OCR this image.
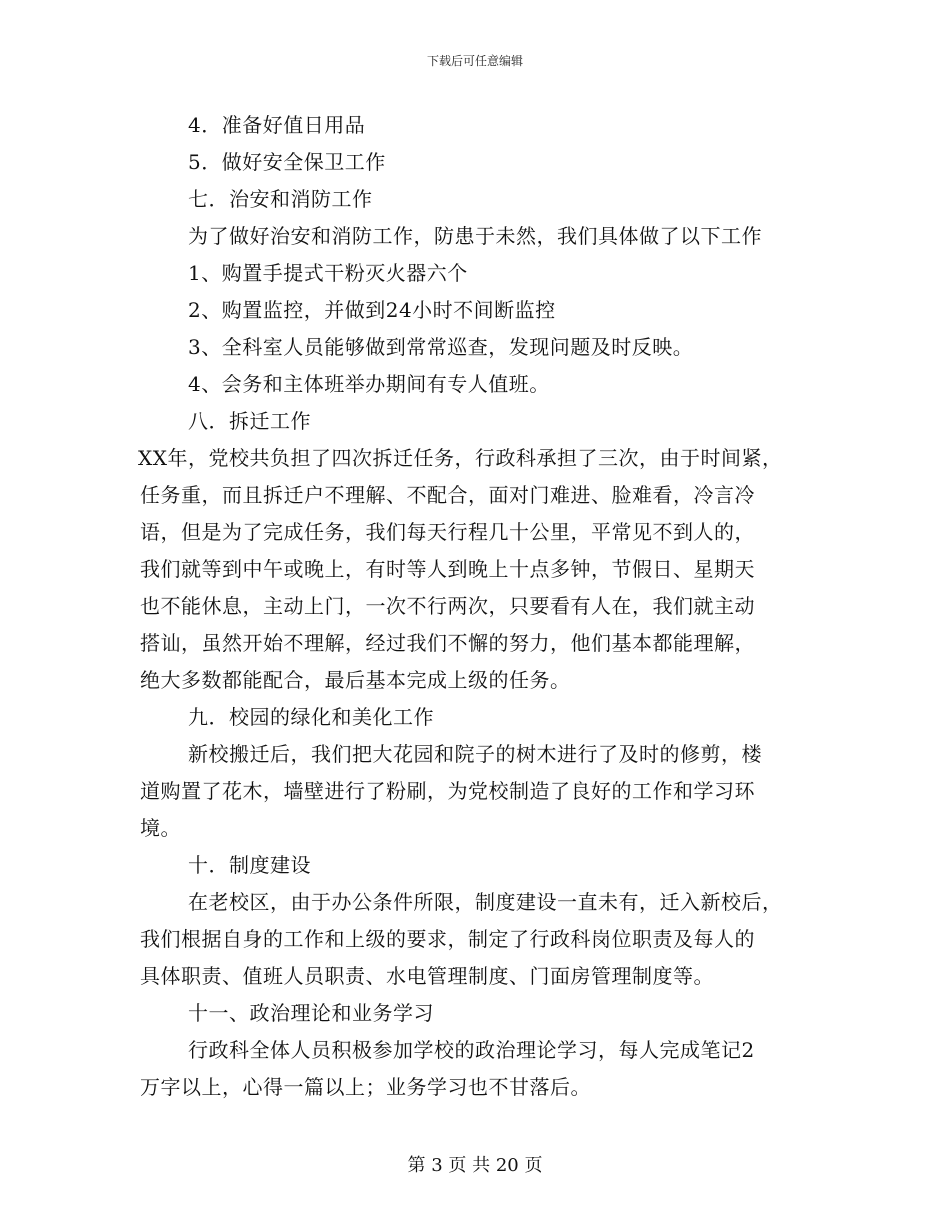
下载后可任意编辑
4．准备好值日用品
5．做好安全保卫工作
七．治安和消防工作
为了做好治安和消防工作，防患于未然，我们具体做了以下工作
1、购置手提式干粉灭火器六个
2、购置监控，并做到24小时不间断监控
3、全科室人员能够做到常常巡查，发现问题及时反映。
4、会务和主体班举办期间有专人值班。
八．拆迁工作
XX年，党校共负担了四次拆迁任务，行政科承担了三次，由于时间紧，
任务重，而且拆迁户不理解、不配合，面对门难进、脸难看，冷言冷
语，但是为了完成任务，我们每天行程几十公里，平常见不到人的，
我们就等到中午或晚上，有时等人到晚上十点多钟，节假日、星期天
也不能休息，主动上门，一次不行两次，只要看有人在，我们就主动
搭讪，虽然开始不理解，经过我们不懈的努力，他们基本都能理解，
绝大多数都能配合，最后基本完成上级的任务。
九．校园的绿化和美化工作
新校搬迁后，我们把大花园和院子的树木进行了及时的修剪，楼
道购置了花木，墙壁进行了粉刷，为党校制造了良好的工作和学习环
境。
十．制度建设
在老校区，由于办公条件所限，制度建设一直未有，迁入新校后，
我们根据自身的工作和上级的要求，制定了行政科岗位职责及每人的
具体职责、值班人员职责、水电管理制度、门面房管理制度等。
十一、政治理论和业务学习
行政科全体人员积极参加学校的政治理论学习，每人完成笔记2
万字以上，心得一篇以上；业务学习也不甘落后。
第 3 页 共 20 页
